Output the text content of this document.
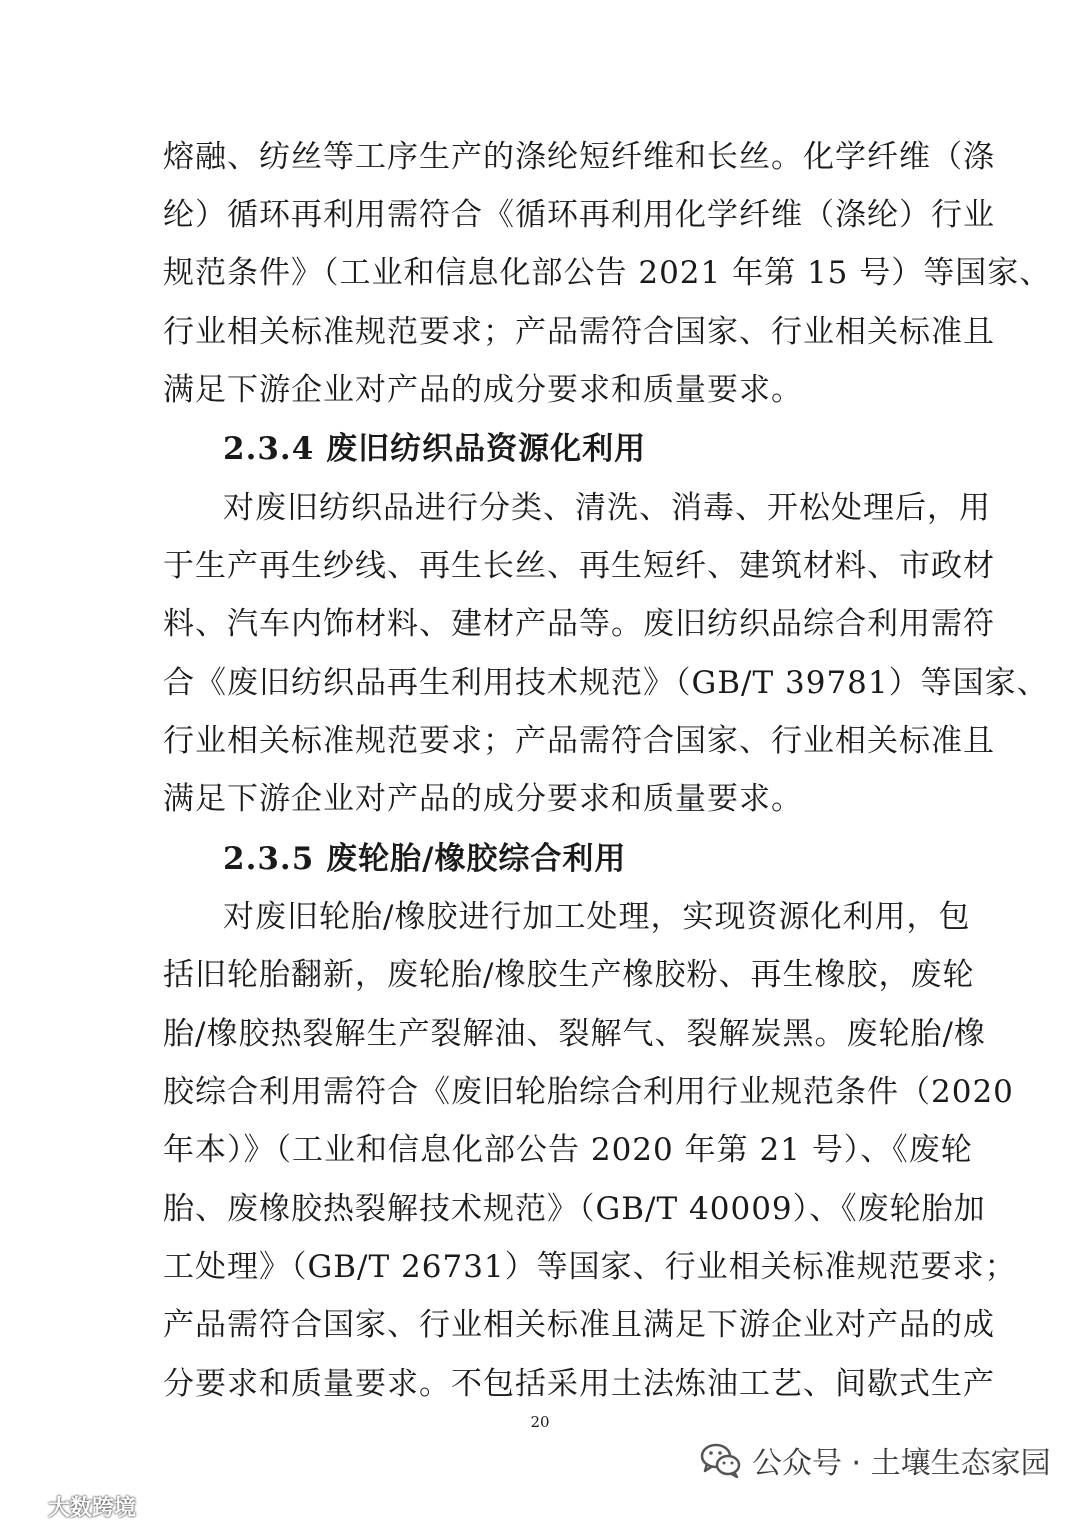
熔融、纺丝等工序生产的涤纶短纤维和长丝。化学纤维（涤
纶）循环再利用需符合《循环再利用化学纤维（涤纶）行业
规范条件》（工业和信息化部公告 2021 年第 15 号）等国家、
行业相关标准规范要求；产品需符合国家、行业相关标准且
满足下游企业对产品的成分要求和质量要求。
2.3.4 废旧纺织品资源化利用
对废旧纺织品进行分类、清洗、消毒、开松处理后，用
于生产再生纱线、再生长丝、再生短纤、建筑材料、市政材
料、汽车内饰材料、建材产品等。废旧纺织品综合利用需符
合《废旧纺织品再生利用技术规范》（GB/T 39781）等国家、
行业相关标准规范要求；产品需符合国家、行业相关标准且
满足下游企业对产品的成分要求和质量要求。
2.3.5 废轮胎/橡胶综合利用
对废旧轮胎/橡胶进行加工处理，实现资源化利用，包
括旧轮胎翻新，废轮胎/橡胶生产橡胶粉、再生橡胶，废轮
胎/橡胶热裂解生产裂解油、裂解气、裂解炭黑。废轮胎/橡
胶综合利用需符合《废旧轮胎综合利用行业规范条件（2020
年本）》（工业和信息化部公告 2020 年第 21 号）、《废轮
胎、废橡胶热裂解技术规范》（GB/T 40009）、《废轮胎加
工处理》（GB/T 26731）等国家、行业相关标准规范要求；
产品需符合国家、行业相关标准且满足下游企业对产品的成
分要求和质量要求。不包括采用土法炼油工艺、间歇式生产
20
公众号 · 土壤生态家园
大数跨境
